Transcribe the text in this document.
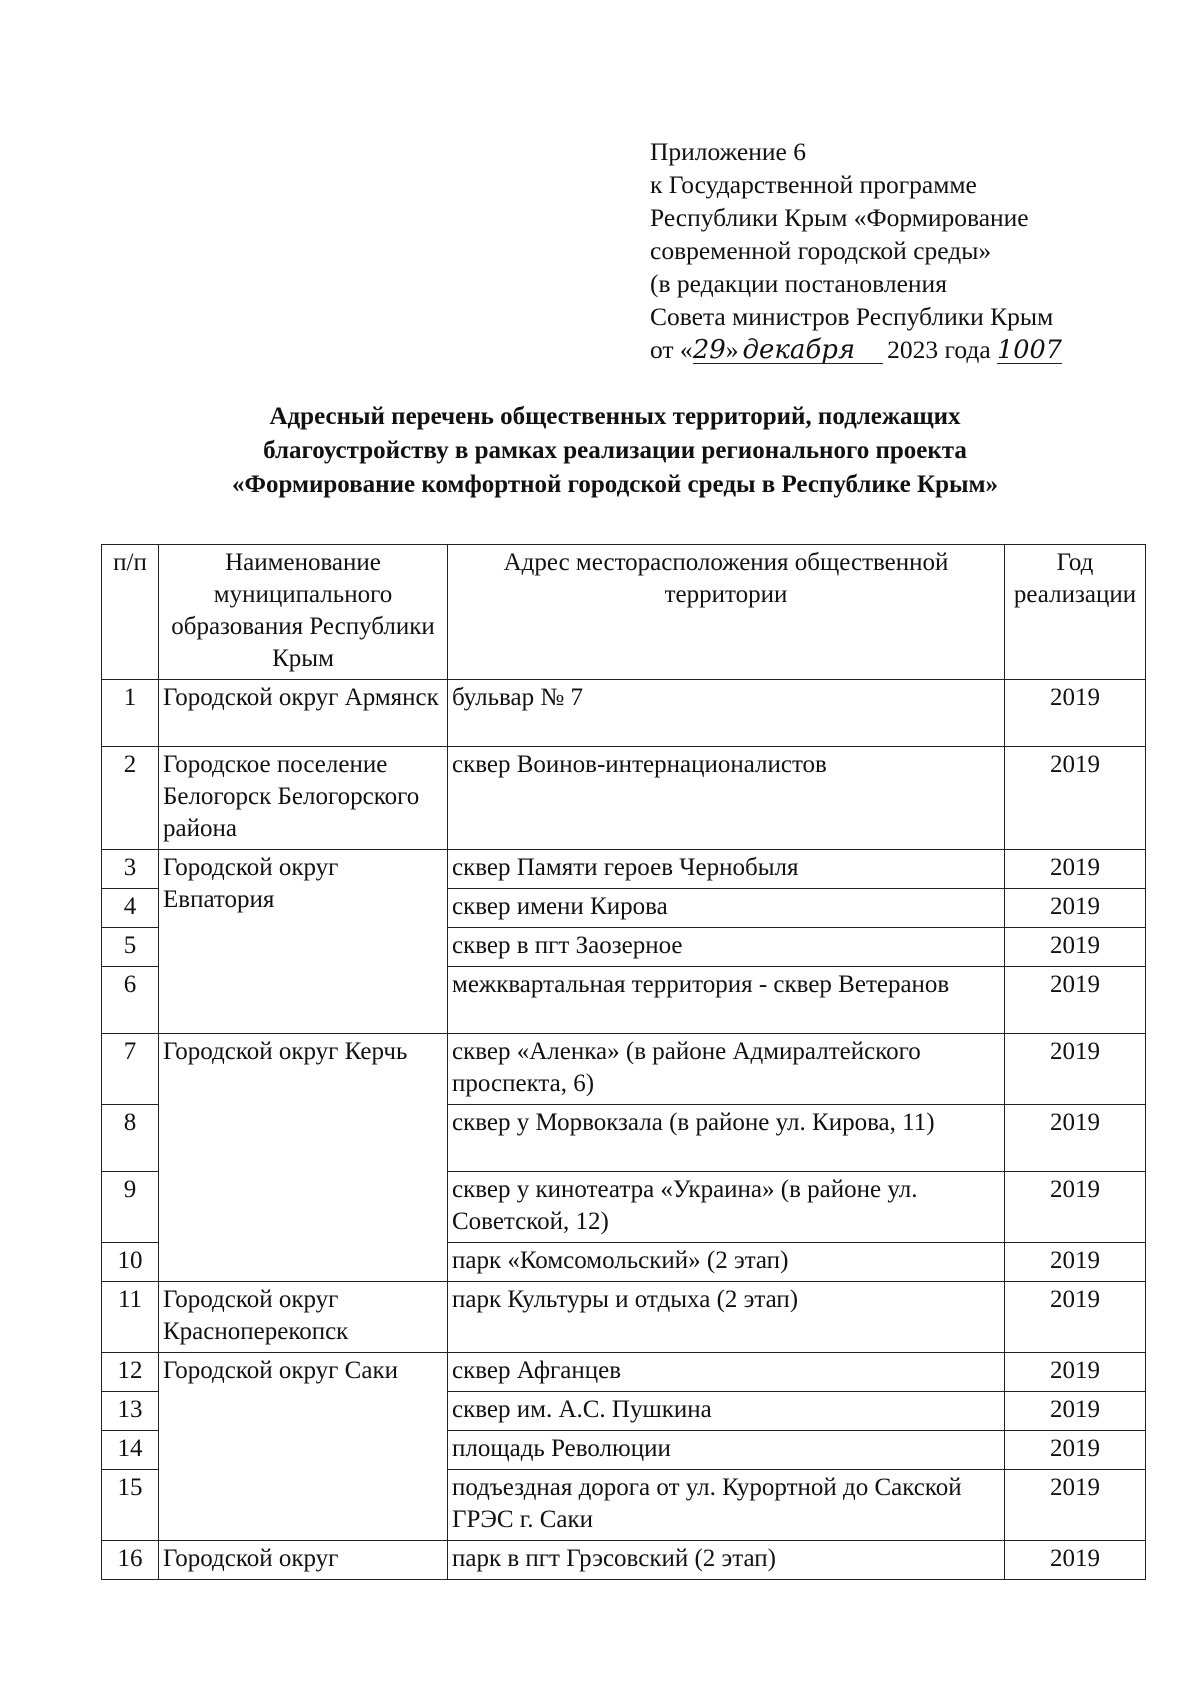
Приложение 6
к Государственной программе
Республики Крым «Формирование
современной городской среды»
(в редакции постановления
Совета министров Республики Крым
от «29» декабря 2023 года 1007
Адресный перечень общественных территорий, подлежащих
благоустройству в рамках реализации регионального проекта
«Формирование комфортной городской среды в Республике Крым»
п/п	Наименование муниципального образования Республики Крым	Адрес месторасположения общественной территории	Год реализации
1	Городской округ Армянск	бульвар № 7	2019
2	Городское поселение Белогорск Белогорского района	сквер Воинов-интернационалистов	2019
3	Городской округ Евпатория	сквер Памяти героев Чернобыля	2019
4		сквер имени Кирова	2019
5		сквер в пгт Заозерное	2019
6		межквартальная территория - сквер Ветеранов	2019
7	Городской округ Керчь	сквер «Аленка» (в районе Адмиралтейского проспекта, 6)	2019
8		сквер у Морвокзала (в районе ул. Кирова, 11)	2019
9		сквер у кинотеатра «Украина» (в районе ул. Советской, 12)	2019
10		парк «Комсомольский» (2 этап)	2019
11	Городской округ Красноперекопск	парк Культуры и отдыха (2 этап)	2019
12	Городской округ Саки	сквер Афганцев	2019
13		сквер им. А.С. Пушкина	2019
14		площадь Революции	2019
15		подъездная дорога от ул. Курортной до Сакской ГРЭС г. Саки	2019
16	Городской округ	парк в пгт Грэсовский (2 этап)	2019
